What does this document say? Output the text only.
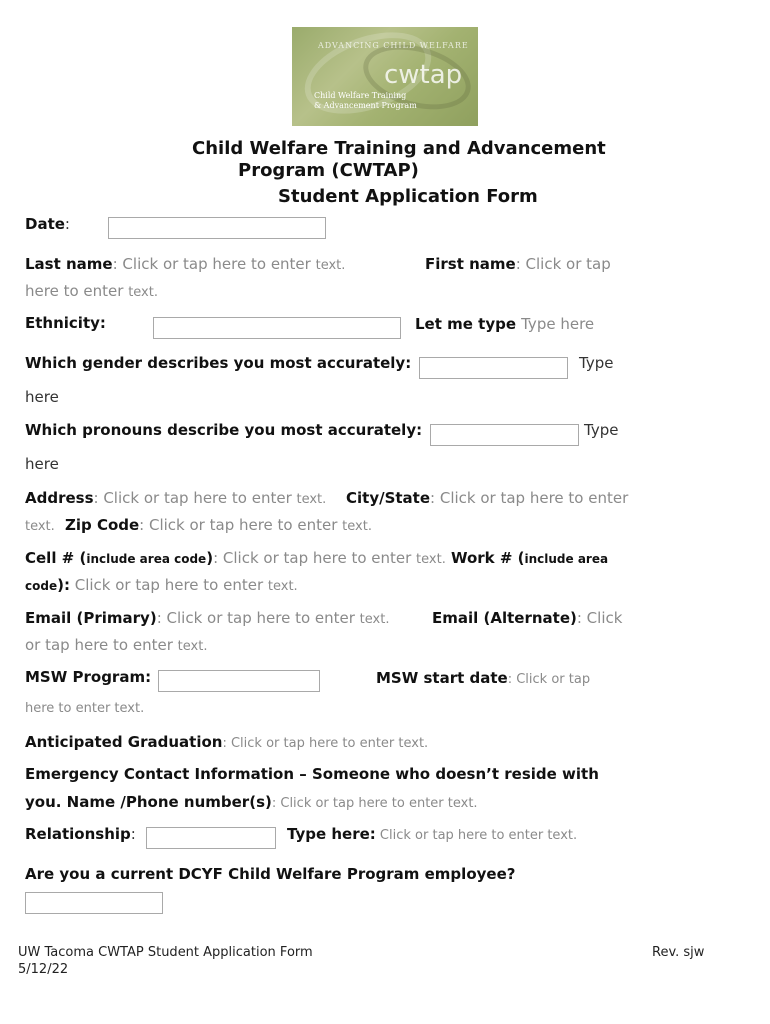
ADVANCING CHILD WELFARE
cwtap
Child Welfare Training
& Advancement Program
Child Welfare Training and Advancement
Program (CWTAP)
Student Application Form
Date:
Last name: Click or tap here to enter text.	First name: Click or tap
here to enter text.
Ethnicity:	Let me type Type here
Which gender describes you most accurately:	Type
here
Which pronouns describe you most accurately:	Type
here
Address: Click or tap here to enter text. City/State: Click or tap here to enter
text. Zip Code: Click or tap here to enter text.
Cell # (include area code): Click or tap here to enter text. Work # (include area
code): Click or tap here to enter text.
Email (Primary): Click or tap here to enter text.	Email (Alternate): Click
or tap here to enter text.
MSW Program:	MSW start date: Click or tap
here to enter text.
Anticipated Graduation: Click or tap here to enter text.
Emergency Contact Information – Someone who doesn’t reside with
you. Name /Phone number(s): Click or tap here to enter text.
Relationship:	Type here: Click or tap here to enter text.
Are you a current DCYF Child Welfare Program employee?
UW Tacoma CWTAP Student Application Form
5/12/22
Rev. sjw
